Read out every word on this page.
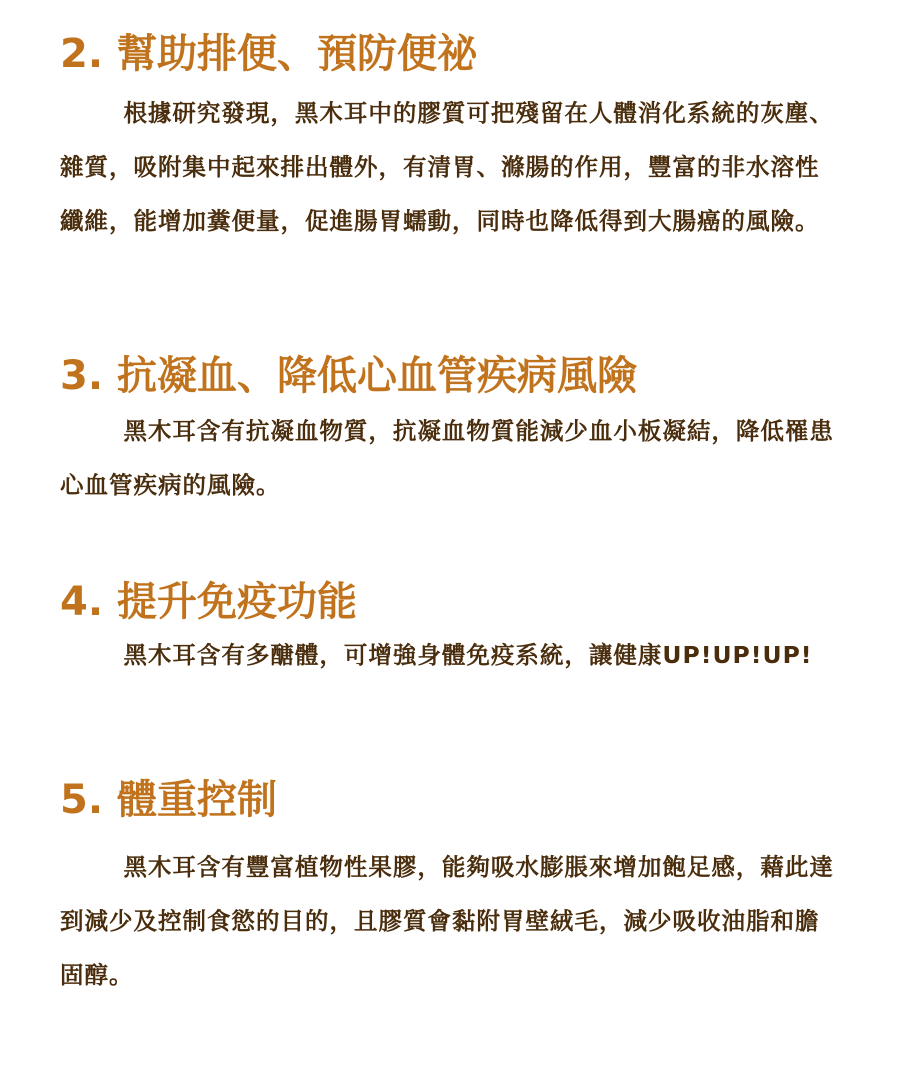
2. 幫助排便、預防便祕

根據研究發現，黑木耳中的膠質可把殘留在人體消化系統的灰塵、雜質，吸附集中起來排出體外，有清胃、滌腸的作用，豐富的非水溶性纖維，能增加糞便量，促進腸胃蠕動，同時也降低得到大腸癌的風險。

3. 抗凝血、降低心血管疾病風險

黑木耳含有抗凝血物質，抗凝血物質能減少血小板凝結，降低罹患心血管疾病的風險。

4. 提升免疫功能

黑木耳含有多醣體，可增強身體免疫系統，讓健康UP!UP!UP!

5. 體重控制

黑木耳含有豐富植物性果膠，能夠吸水膨脹來增加飽足感，藉此達到減少及控制食慾的目的，且膠質會黏附胃壁絨毛，減少吸收油脂和膽固醇。
